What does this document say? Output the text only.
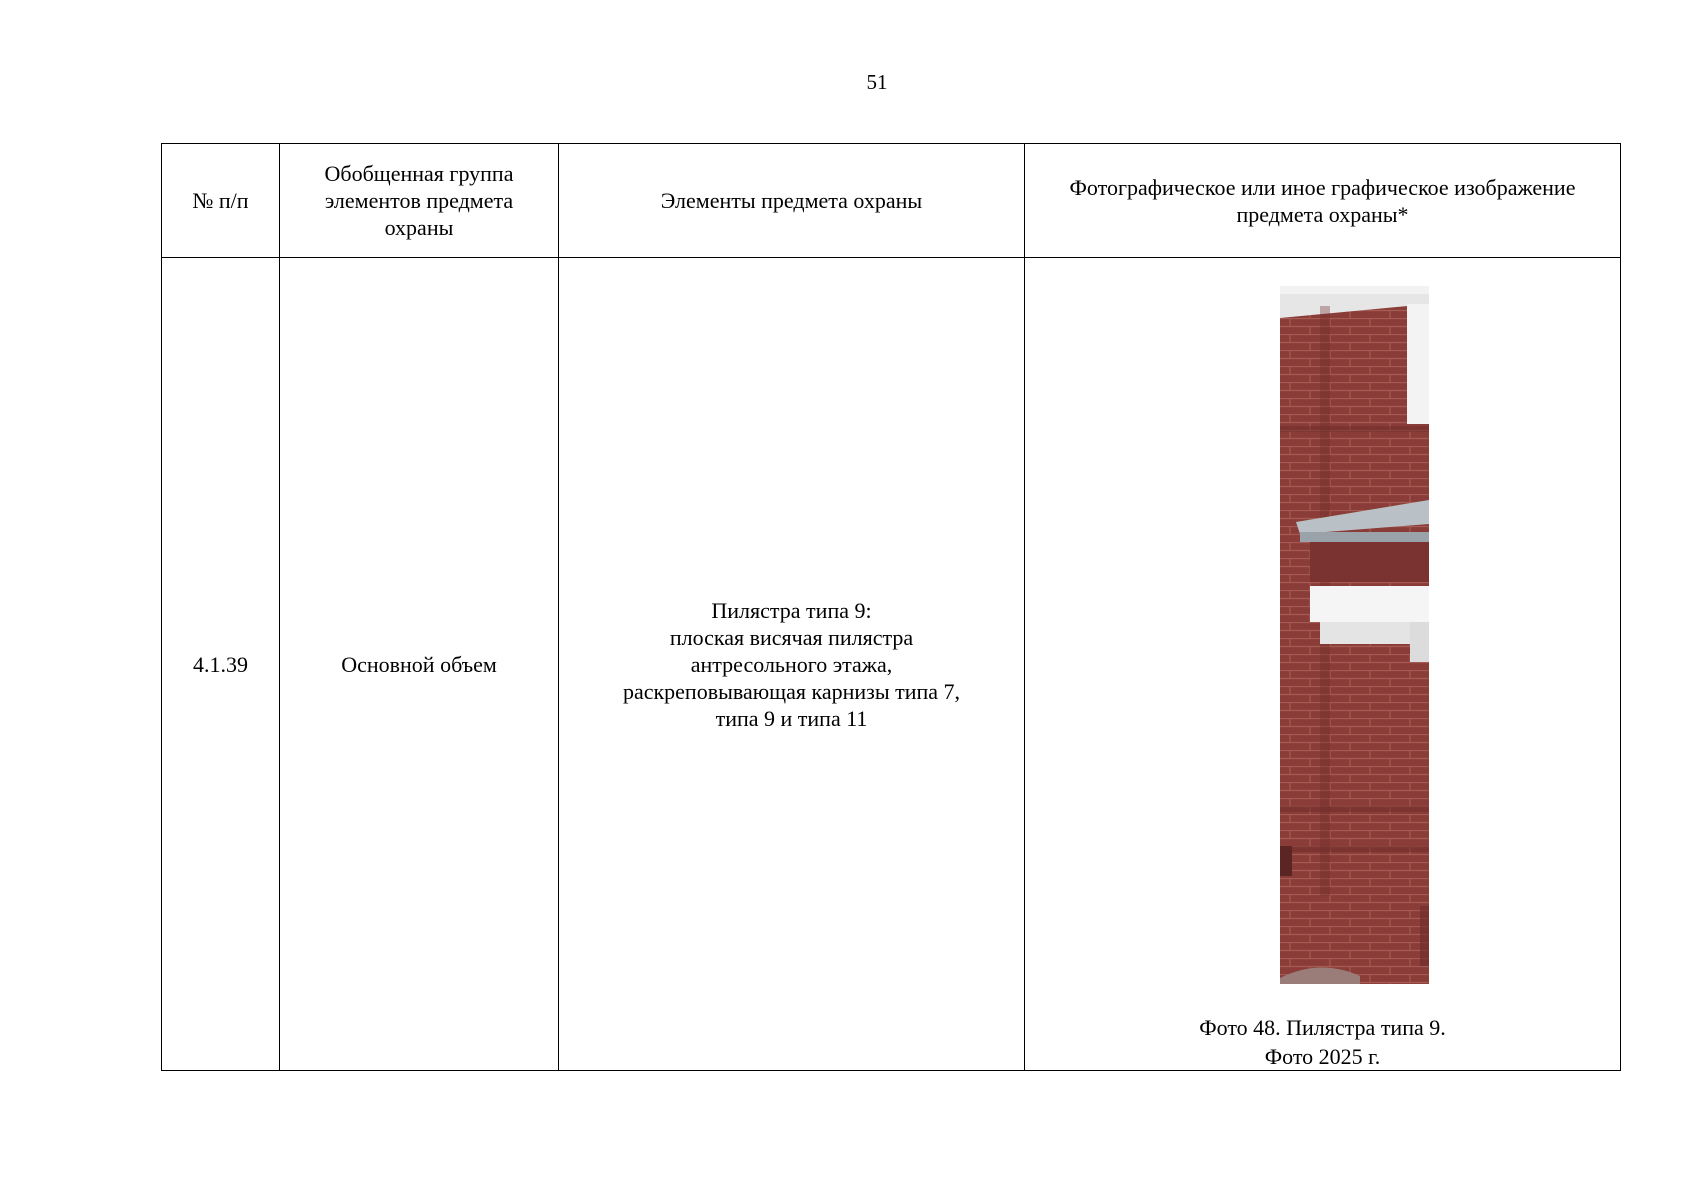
51
№ п/п	Обобщенная группа элементов предмета охраны	Элементы предмета охраны	Фотографическое или иное графическое изображение предмета охраны*
4.1.39	Основной объем	Пилястра типа 9:
плоская висячая пилястра
антресольного этажа,
раскреповывающая карнизы типа 7,
типа 9 и типа 11	Фото 48. Пилястра типа 9.
Фото 2025 г.
